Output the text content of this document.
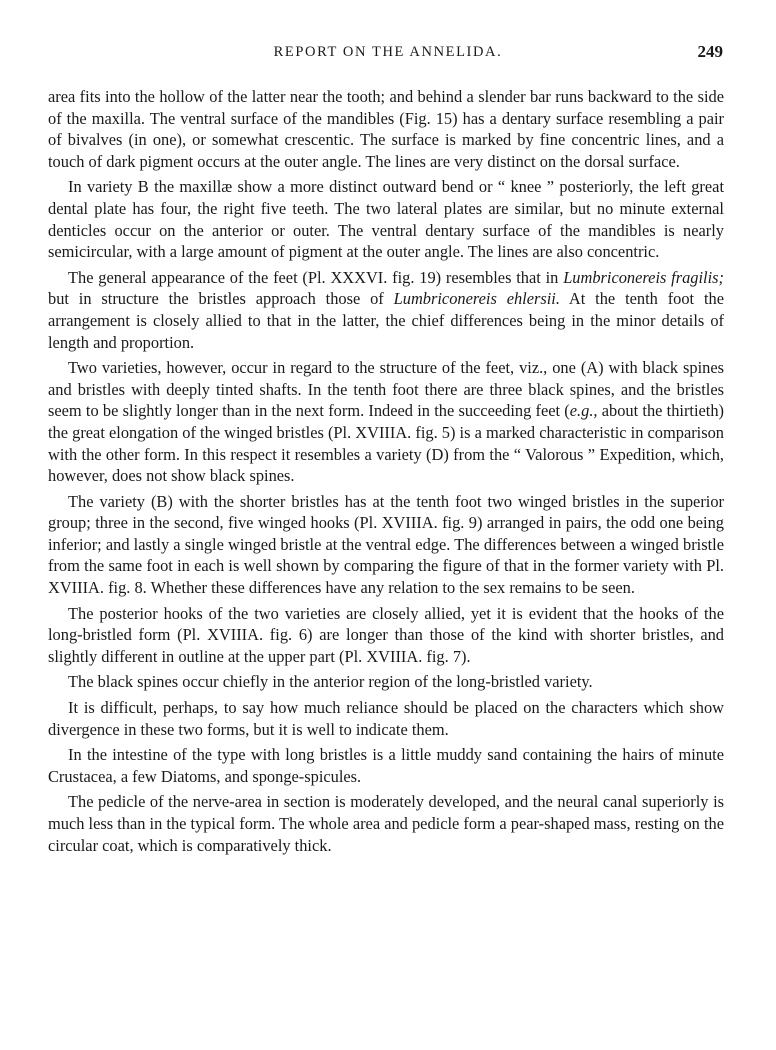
REPORT ON THE ANNELIDA.	249

area fits into the hollow of the latter near the tooth; and behind a slender bar runs backward to the side of the maxilla. The ventral surface of the mandibles (Fig. 15) has a dentary surface resembling a pair of bivalves (in one), or somewhat crescentic. The surface is marked by fine concentric lines, and a touch of dark pigment occurs at the outer angle. The lines are very distinct on the dorsal surface.

In variety B the maxillæ show a more distinct outward bend or “ knee ” posteriorly, the left great dental plate has four, the right five teeth. The two lateral plates are similar, but no minute external denticles occur on the anterior or outer. The ventral dentary surface of the mandibles is nearly semicircular, with a large amount of pigment at the outer angle. The lines are also concentric.

The general appearance of the feet (Pl. XXXVI. fig. 19) resembles that in Lumbriconereis fragilis; but in structure the bristles approach those of Lumbriconereis ehlersii. At the tenth foot the arrangement is closely allied to that in the latter, the chief differences being in the minor details of length and proportion.

Two varieties, however, occur in regard to the structure of the feet, viz., one (A) with black spines and bristles with deeply tinted shafts. In the tenth foot there are three black spines, and the bristles seem to be slightly longer than in the next form. Indeed in the succeeding feet (e.g., about the thirtieth) the great elongation of the winged bristles (Pl. XVIIIA. fig. 5) is a marked characteristic in comparison with the other form. In this respect it resembles a variety (D) from the “ Valorous ” Expedition, which, however, does not show black spines.

The variety (B) with the shorter bristles has at the tenth foot two winged bristles in the superior group; three in the second, five winged hooks (Pl. XVIIIA. fig. 9) arranged in pairs, the odd one being inferior; and lastly a single winged bristle at the ventral edge. The differences between a winged bristle from the same foot in each is well shown by comparing the figure of that in the former variety with Pl. XVIIIA. fig. 8. Whether these differences have any relation to the sex remains to be seen.

The posterior hooks of the two varieties are closely allied, yet it is evident that the hooks of the long-bristled form (Pl. XVIIIA. fig. 6) are longer than those of the kind with shorter bristles, and slightly different in outline at the upper part (Pl. XVIIIA. fig. 7).

The black spines occur chiefly in the anterior region of the long-bristled variety.

It is difficult, perhaps, to say how much reliance should be placed on the characters which show divergence in these two forms, but it is well to indicate them.

In the intestine of the type with long bristles is a little muddy sand containing the hairs of minute Crustacea, a few Diatoms, and sponge-spicules.

The pedicle of the nerve-area in section is moderately developed, and the neural canal superiorly is much less than in the typical form. The whole area and pedicle form a pear-shaped mass, resting on the circular coat, which is comparatively thick.
